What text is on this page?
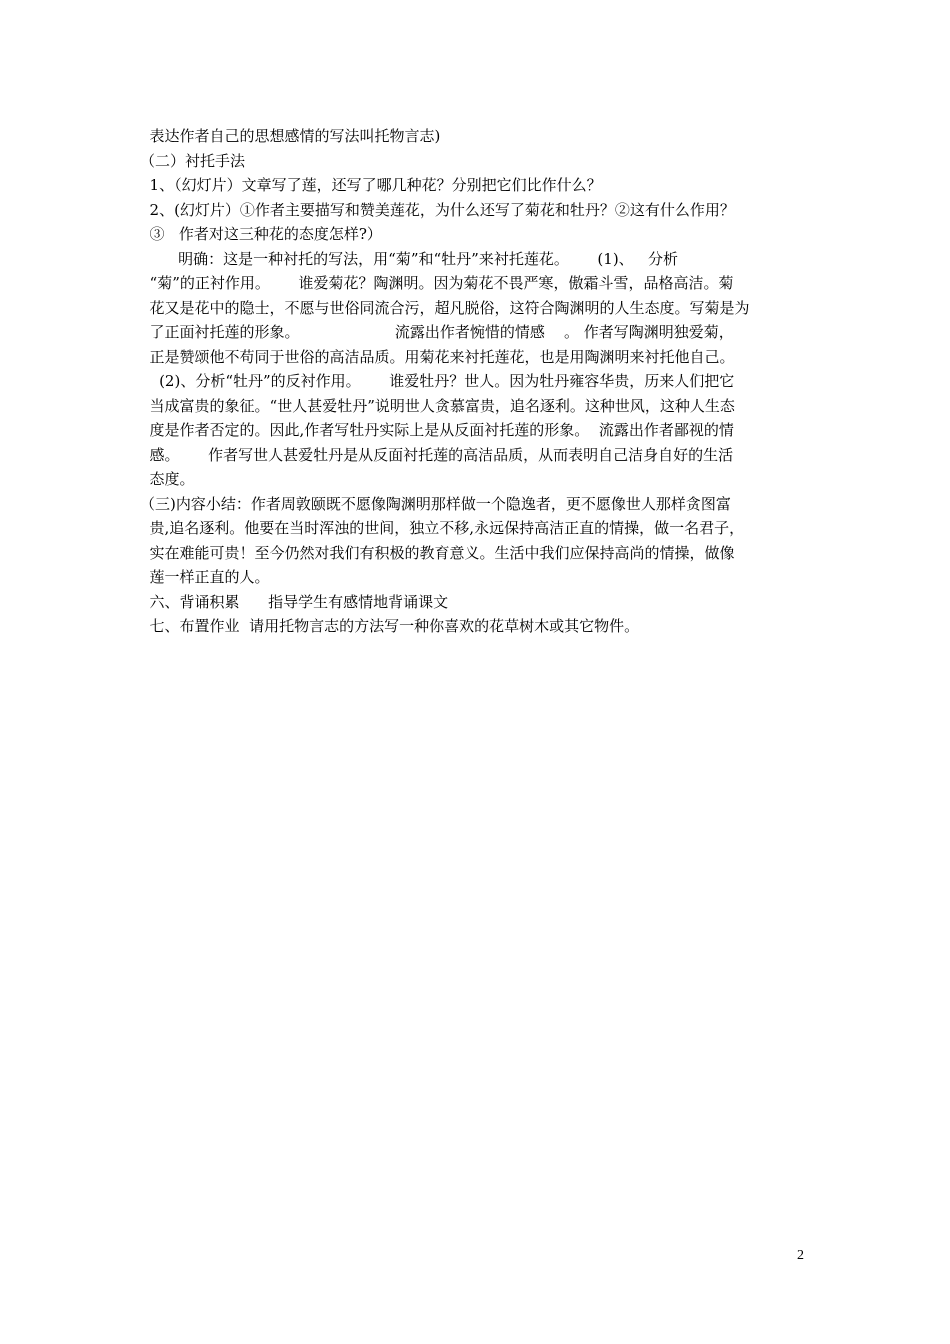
表达作者自己的思想感情的写法叫托物言志)
（二）衬托手法
1、（幻灯片）文章写了莲，还写了哪几种花？分别把它们比作什么？
2、(幻灯片）①作者主要描写和赞美莲花，为什么还写了菊花和牡丹？②这有什么作用？
③   作者对这三种花的态度怎样?）
明确：这是一种衬托的写法，用“菊”和“牡丹”来衬托莲花。      (1)、   分析
“菊”的正衬作用。      谁爱菊花？陶渊明。因为菊花不畏严寒，傲霜斗雪，品格高洁。菊
花又是花中的隐士，不愿与世俗同流合污，超凡脱俗，这符合陶渊明的人生态度。写菊是为
了正面衬托莲的形象。                    流露出作者惋惜的情感    。 作者写陶渊明独爱菊，
正是赞颂他不苟同于世俗的高洁品质。用菊花来衬托莲花，也是用陶渊明来衬托他自己。
(2)、分析“牡丹”的反衬作用。      谁爱牡丹？世人。因为牡丹雍容华贵，历来人们把它
当成富贵的象征。“世人甚爱牡丹”说明世人贪慕富贵，追名逐利。这种世风，这种人生态
度是作者否定的。因此,作者写牡丹实际上是从反面衬托莲的形象。  流露出作者鄙视的情
感。      作者写世人甚爱牡丹是从反面衬托莲的高洁品质，从而表明自己洁身自好的生活
态度。
（三)内容小结：作者周敦颐既不愿像陶渊明那样做一个隐逸者，更不愿像世人那样贪图富
贵,追名逐利。他要在当时浑浊的世间，独立不移,永远保持高洁正直的情操，做一名君子，
实在难能可贵！至今仍然对我们有积极的教育意义。生活中我们应保持高尚的情操，做像
莲一样正直的人。
六、背诵积累      指导学生有感情地背诵课文
七、布置作业  请用托物言志的方法写一种你喜欢的花草树木或其它物件。
2
